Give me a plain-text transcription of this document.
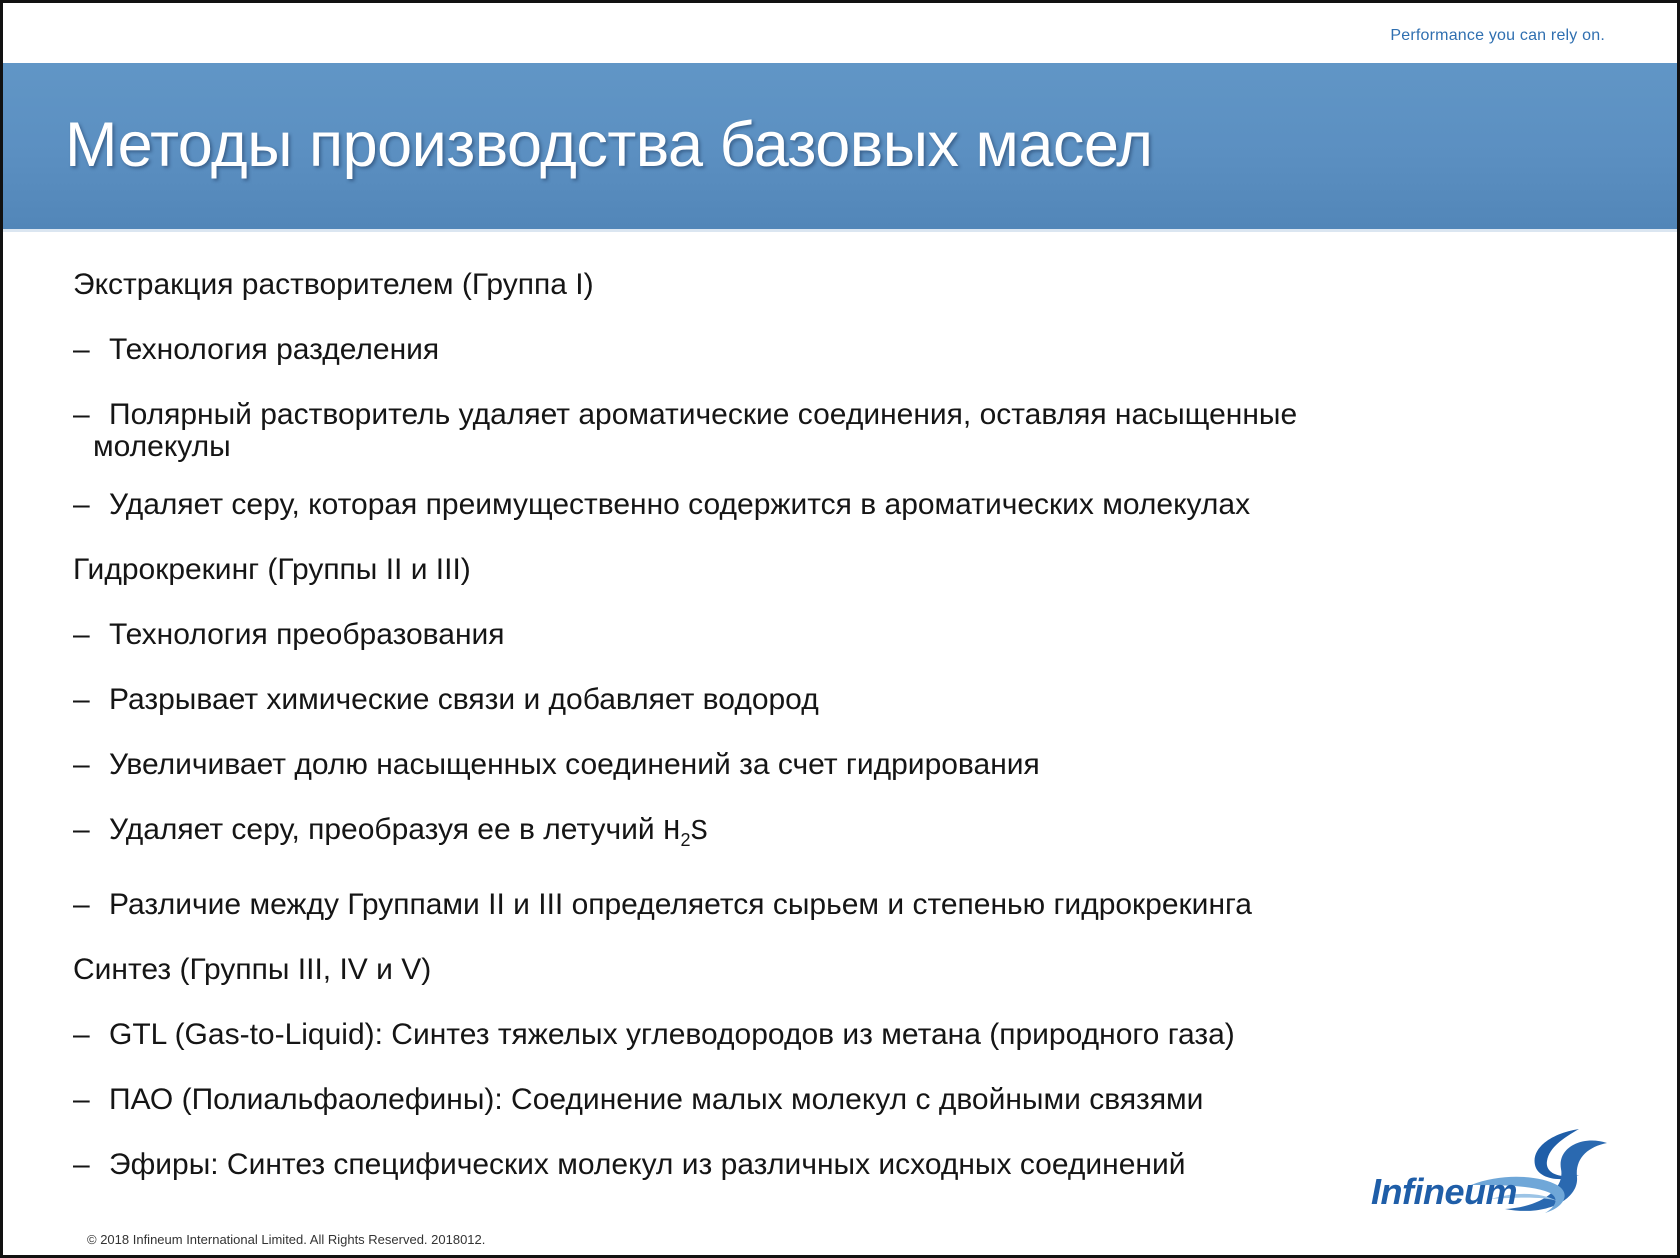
Performance you can rely on.
Методы производства базовых масел
Экстракция растворителем (Группа I)
– Технология разделения
– Полярный растворитель удаляет ароматические соединения, оставляя насыщенные молекулы
– Удаляет серу, которая преимущественно содержится в ароматических молекулах
Гидрокрекинг (Группы II и III)
– Технология преобразования
– Разрывает химические связи и добавляет водород
– Увеличивает долю насыщенных соединений за счет гидрирования
– Удаляет серу, преобразуя ее в летучий $H_2S$
– Различие между Группами II и III определяется сырьем и степенью гидрокрекинга
Синтез (Группы III, IV и V)
– GTL (Gas-to-Liquid): Синтез тяжелых углеводородов из метана (природного газа)
– ПАО (Полиальфаолефины): Соединение малых молекул с двойными связями
– Эфиры: Синтез специфических молекул из различных исходных соединений
Infineum
© 2018 Infineum International Limited. All Rights Reserved. 2018012.
